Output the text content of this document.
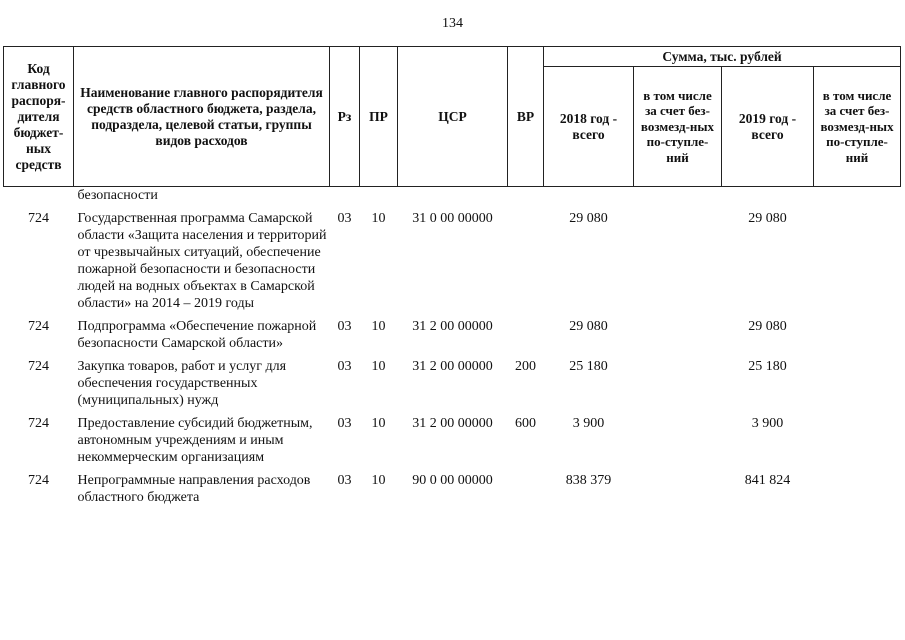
134
Код главного распоря-дителя бюджет-ных средств	Наименование главного распорядителя средств областного бюджета, раздела, подраздела, целевой статьи, группы видов расходов	Рз	ПР	ЦСР	ВР	Сумма, тыс. рублей			
						2018 год - всего	в том числе за счет без-возмезд-ных по-ступле-ний	2019 год - всего	в том числе за счет без-возмезд-ных по-ступле-ний
	безопасности								
724	Государственная программа Самарской области «Защита населения и территорий от чрезвычайных ситуаций, обеспечение пожарной безопасности и безопасности людей на водных объектах в Самарской области» на 2014 – 2019 годы	03	10	31 0 00 00000		29 080		29 080	
724	Подпрограмма «Обеспечение пожарной безопасности Самарской области»	03	10	31 2 00 00000		29 080		29 080	
724	Закупка товаров, работ и услуг для обеспечения государственных (муниципальных) нужд	03	10	31 2 00 00000	200	25 180		25 180	
724	Предоставление субсидий бюджетным, автономным учреждениям и иным некоммерческим организациям	03	10	31 2 00 00000	600	3 900		3 900	
724	Непрограммные направления расходов областного бюджета	03	10	90 0 00 00000		838 379		841 824	
